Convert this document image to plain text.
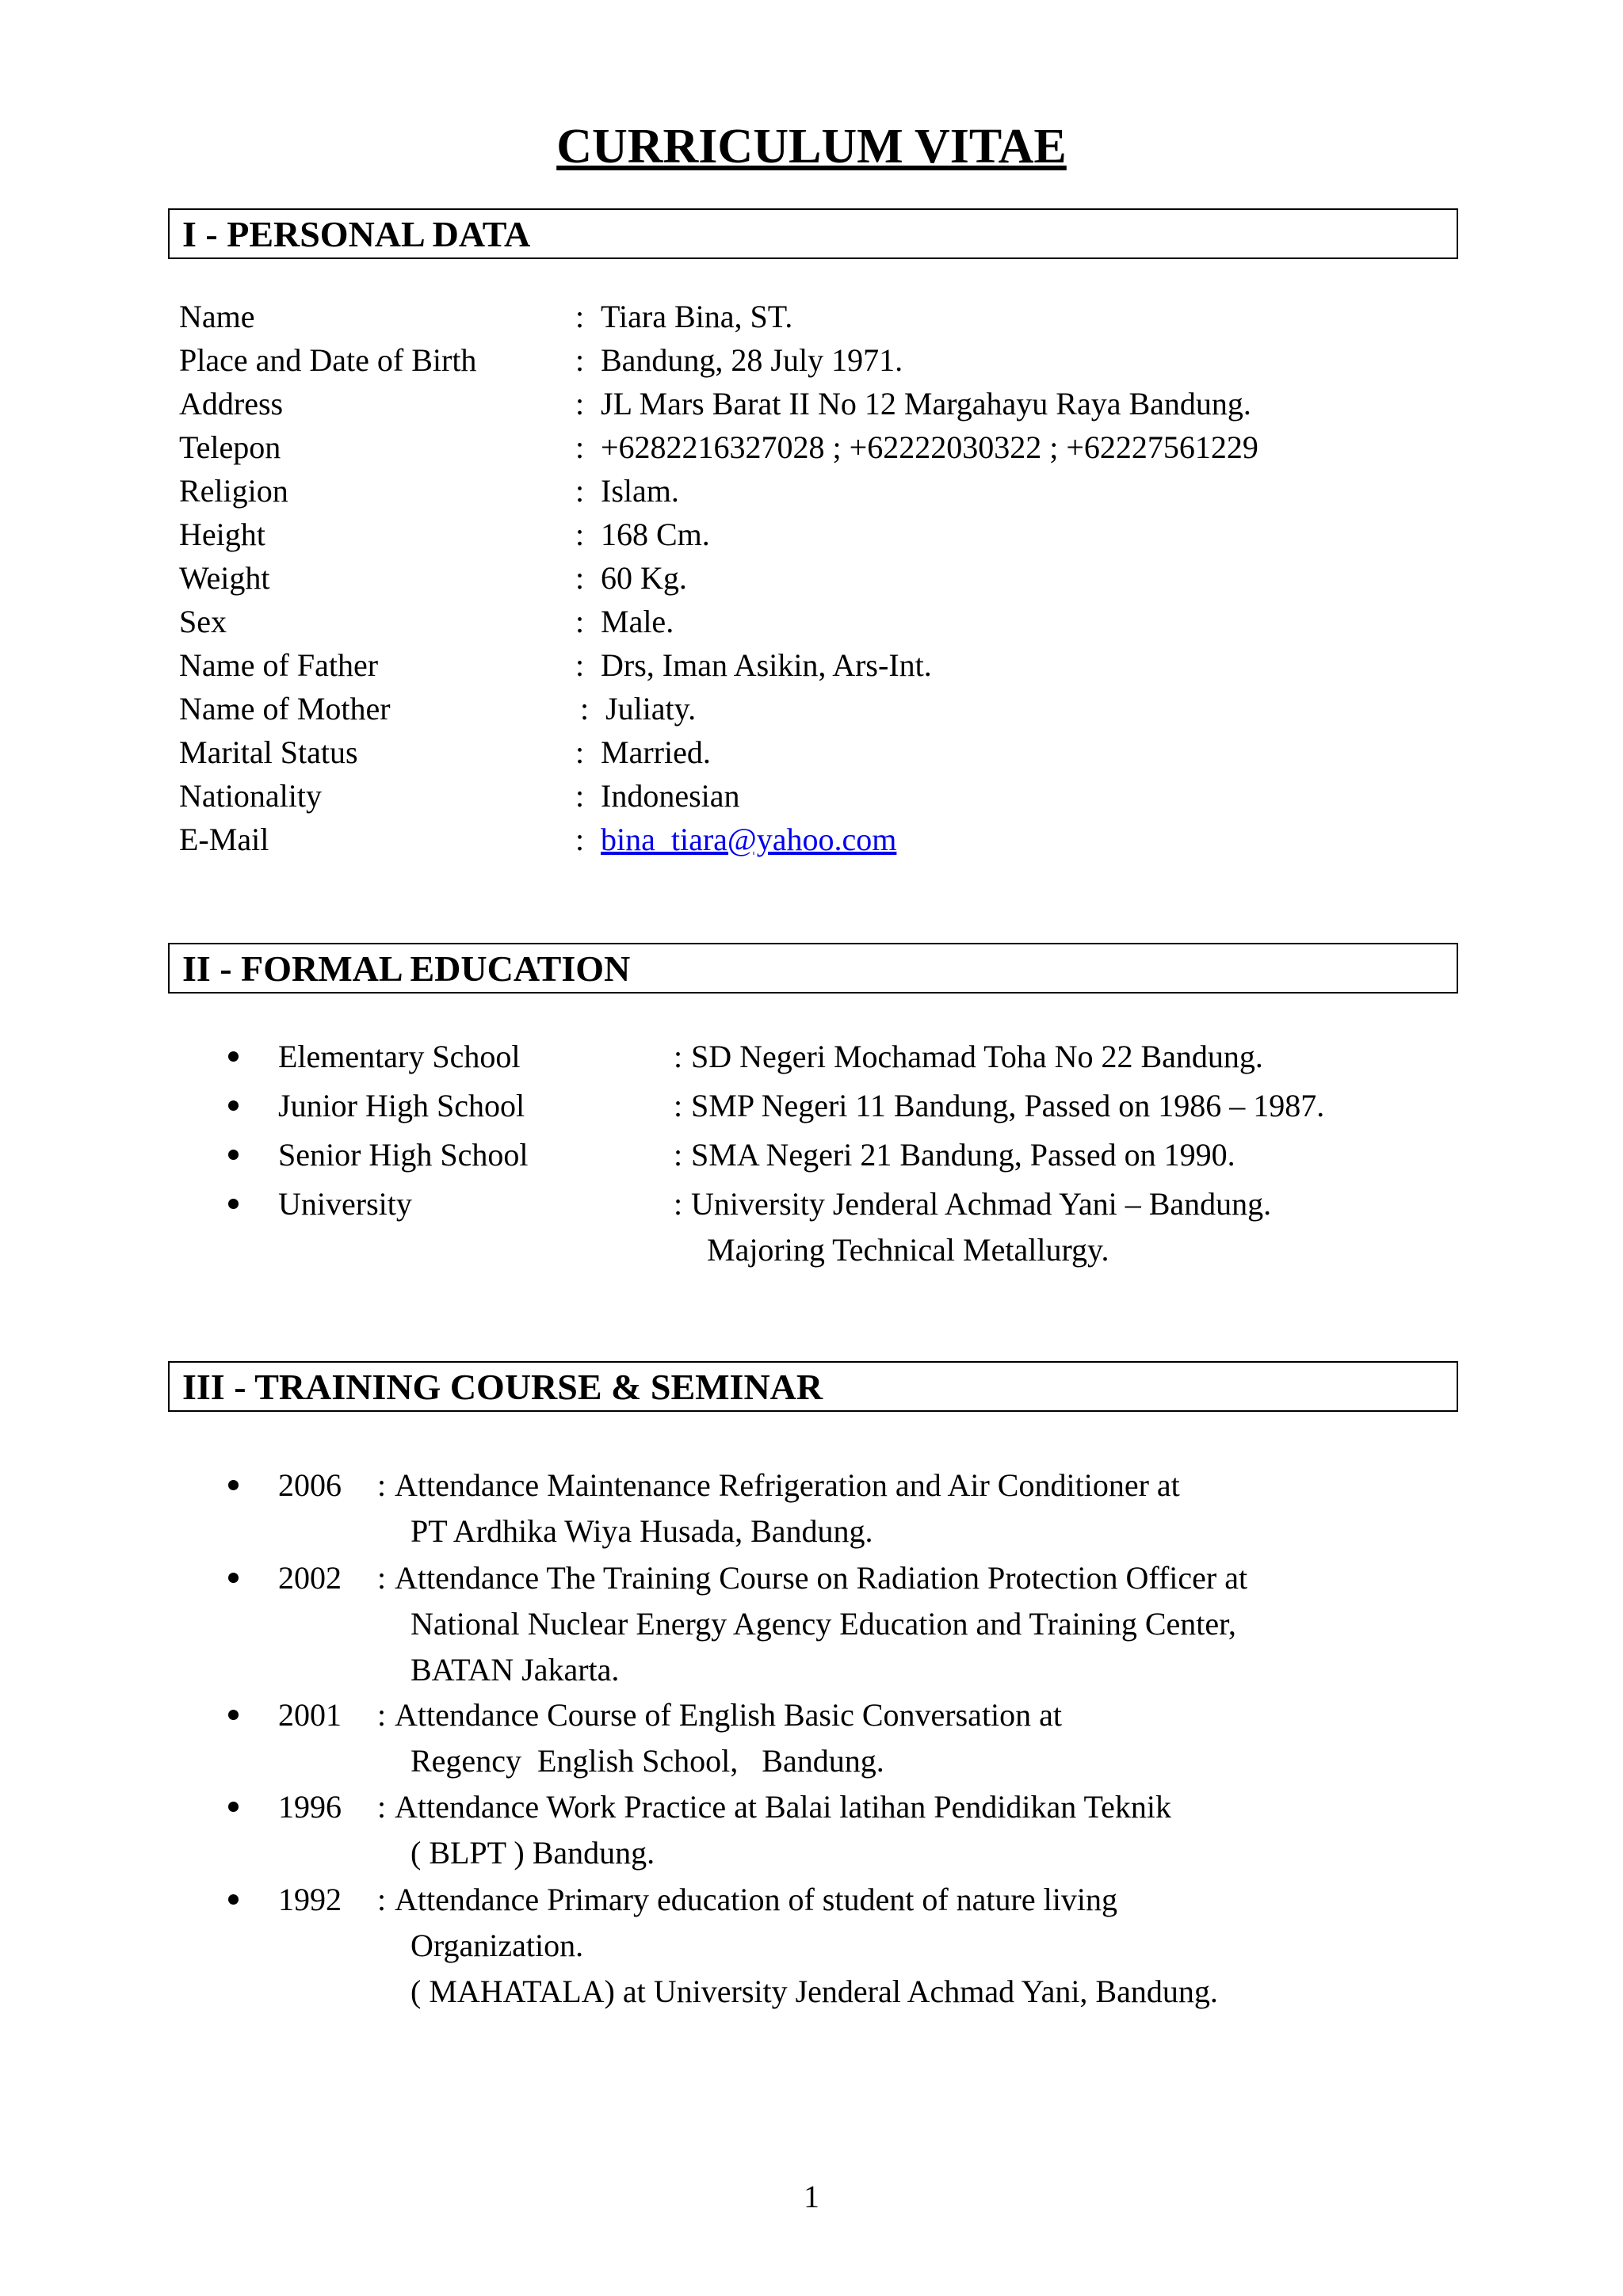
CURRICULUM VITAE
I - PERSONAL DATA
Name	: Tiara Bina, ST.
Place and Date of Birth	: Bandung, 28 July 1971.
Address	: JL Mars Barat II No 12 Margahayu Raya Bandung.
Telepon	: +6282216327028 ; +62222030322 ; +62227561229
Religion	: Islam.
Height	: 168 Cm.
Weight	: 60 Kg.
Sex	: Male.
Name of Father	: Drs, Iman Asikin, Ars-Int.
Name of Mother	: Juliaty.
Marital Status	: Married.
Nationality	: Indonesian
E-Mail	: bina_tiara@yahoo.com
II - FORMAL EDUCATION
Elementary School	: SD Negeri Mochamad Toha No 22 Bandung.
Junior High School	: SMP Negeri 11 Bandung, Passed on 1986 – 1987.
Senior High School	: SMA Negeri 21 Bandung, Passed on 1990.
University	: University Jenderal Achmad Yani – Bandung.
Majoring Technical Metallurgy.
III - TRAINING COURSE & SEMINAR
2006 : Attendance Maintenance Refrigeration and Air Conditioner at
PT Ardhika Wiya Husada, Bandung.
2002 : Attendance The Training Course on Radiation Protection Officer at
National Nuclear Energy Agency Education and Training Center,
BATAN Jakarta.
2001 : Attendance Course of English Basic Conversation at
Regency  English School,   Bandung.
1996 : Attendance Work Practice at Balai latihan Pendidikan Teknik
( BLPT ) Bandung.
1992 : Attendance Primary education of student of nature living
Organization.
( MAHATALA) at University Jenderal Achmad Yani, Bandung.
1
